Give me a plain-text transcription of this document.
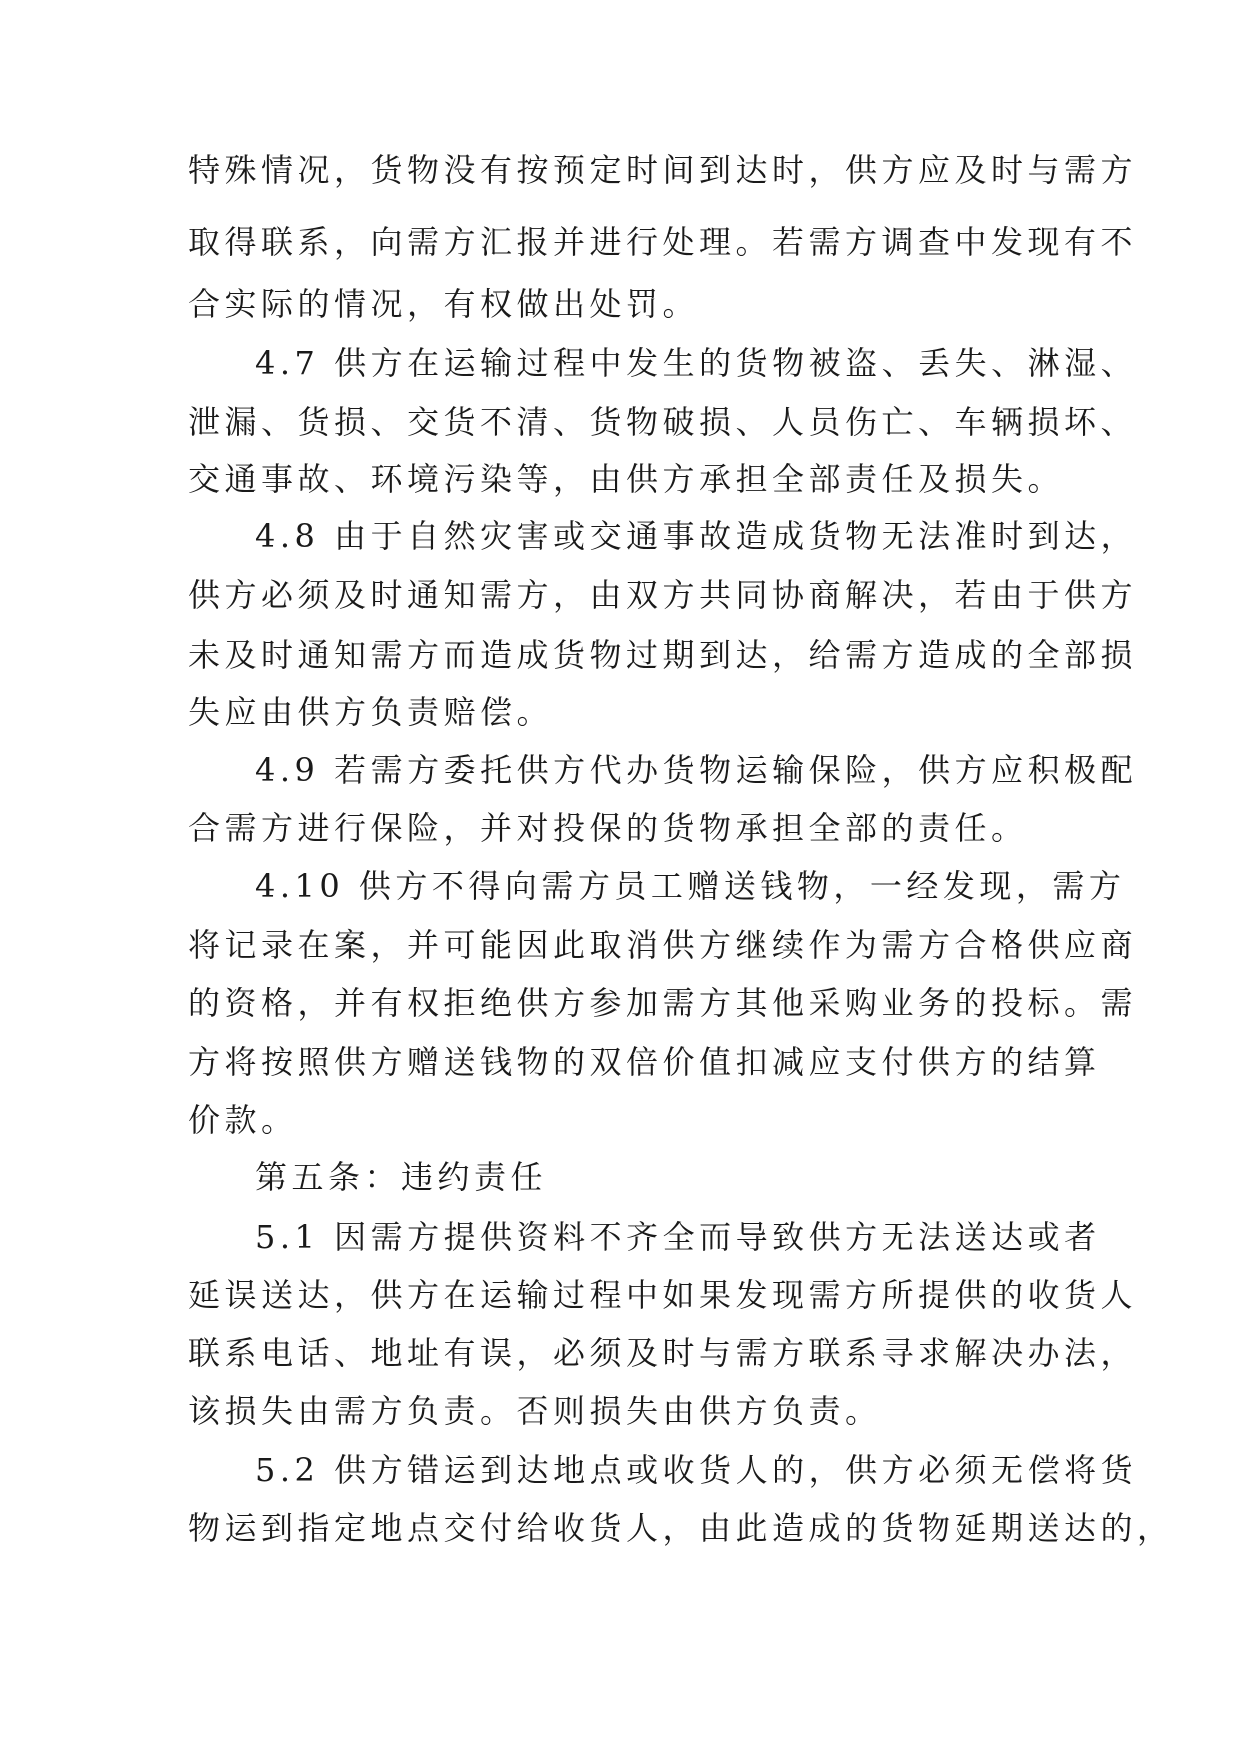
特殊情况，货物没有按预定时间到达时，供方应及时与需方
取得联系，向需方汇报并进行处理。若需方调查中发现有不
合实际的情况，有权做出处罚。
4.7 供方在运输过程中发生的货物被盗、丢失、淋湿、
泄漏、货损、交货不清、货物破损、人员伤亡、车辆损坏、
交通事故、环境污染等，由供方承担全部责任及损失。
4.8 由于自然灾害或交通事故造成货物无法准时到达，
供方必须及时通知需方，由双方共同协商解决，若由于供方
未及时通知需方而造成货物过期到达，给需方造成的全部损
失应由供方负责赔偿。
4.9 若需方委托供方代办货物运输保险，供方应积极配
合需方进行保险，并对投保的货物承担全部的责任。
4.10 供方不得向需方员工赠送钱物，一经发现，需方
将记录在案，并可能因此取消供方继续作为需方合格供应商
的资格，并有权拒绝供方参加需方其他采购业务的投标。需
方将按照供方赠送钱物的双倍价值扣减应支付供方的结算
价款。
第五条：违约责任
5.1 因需方提供资料不齐全而导致供方无法送达或者
延误送达，供方在运输过程中如果发现需方所提供的收货人
联系电话、地址有误，必须及时与需方联系寻求解决办法，
该损失由需方负责。否则损失由供方负责。
5.2 供方错运到达地点或收货人的，供方必须无偿将货
物运到指定地点交付给收货人，由此造成的货物延期送达的，
